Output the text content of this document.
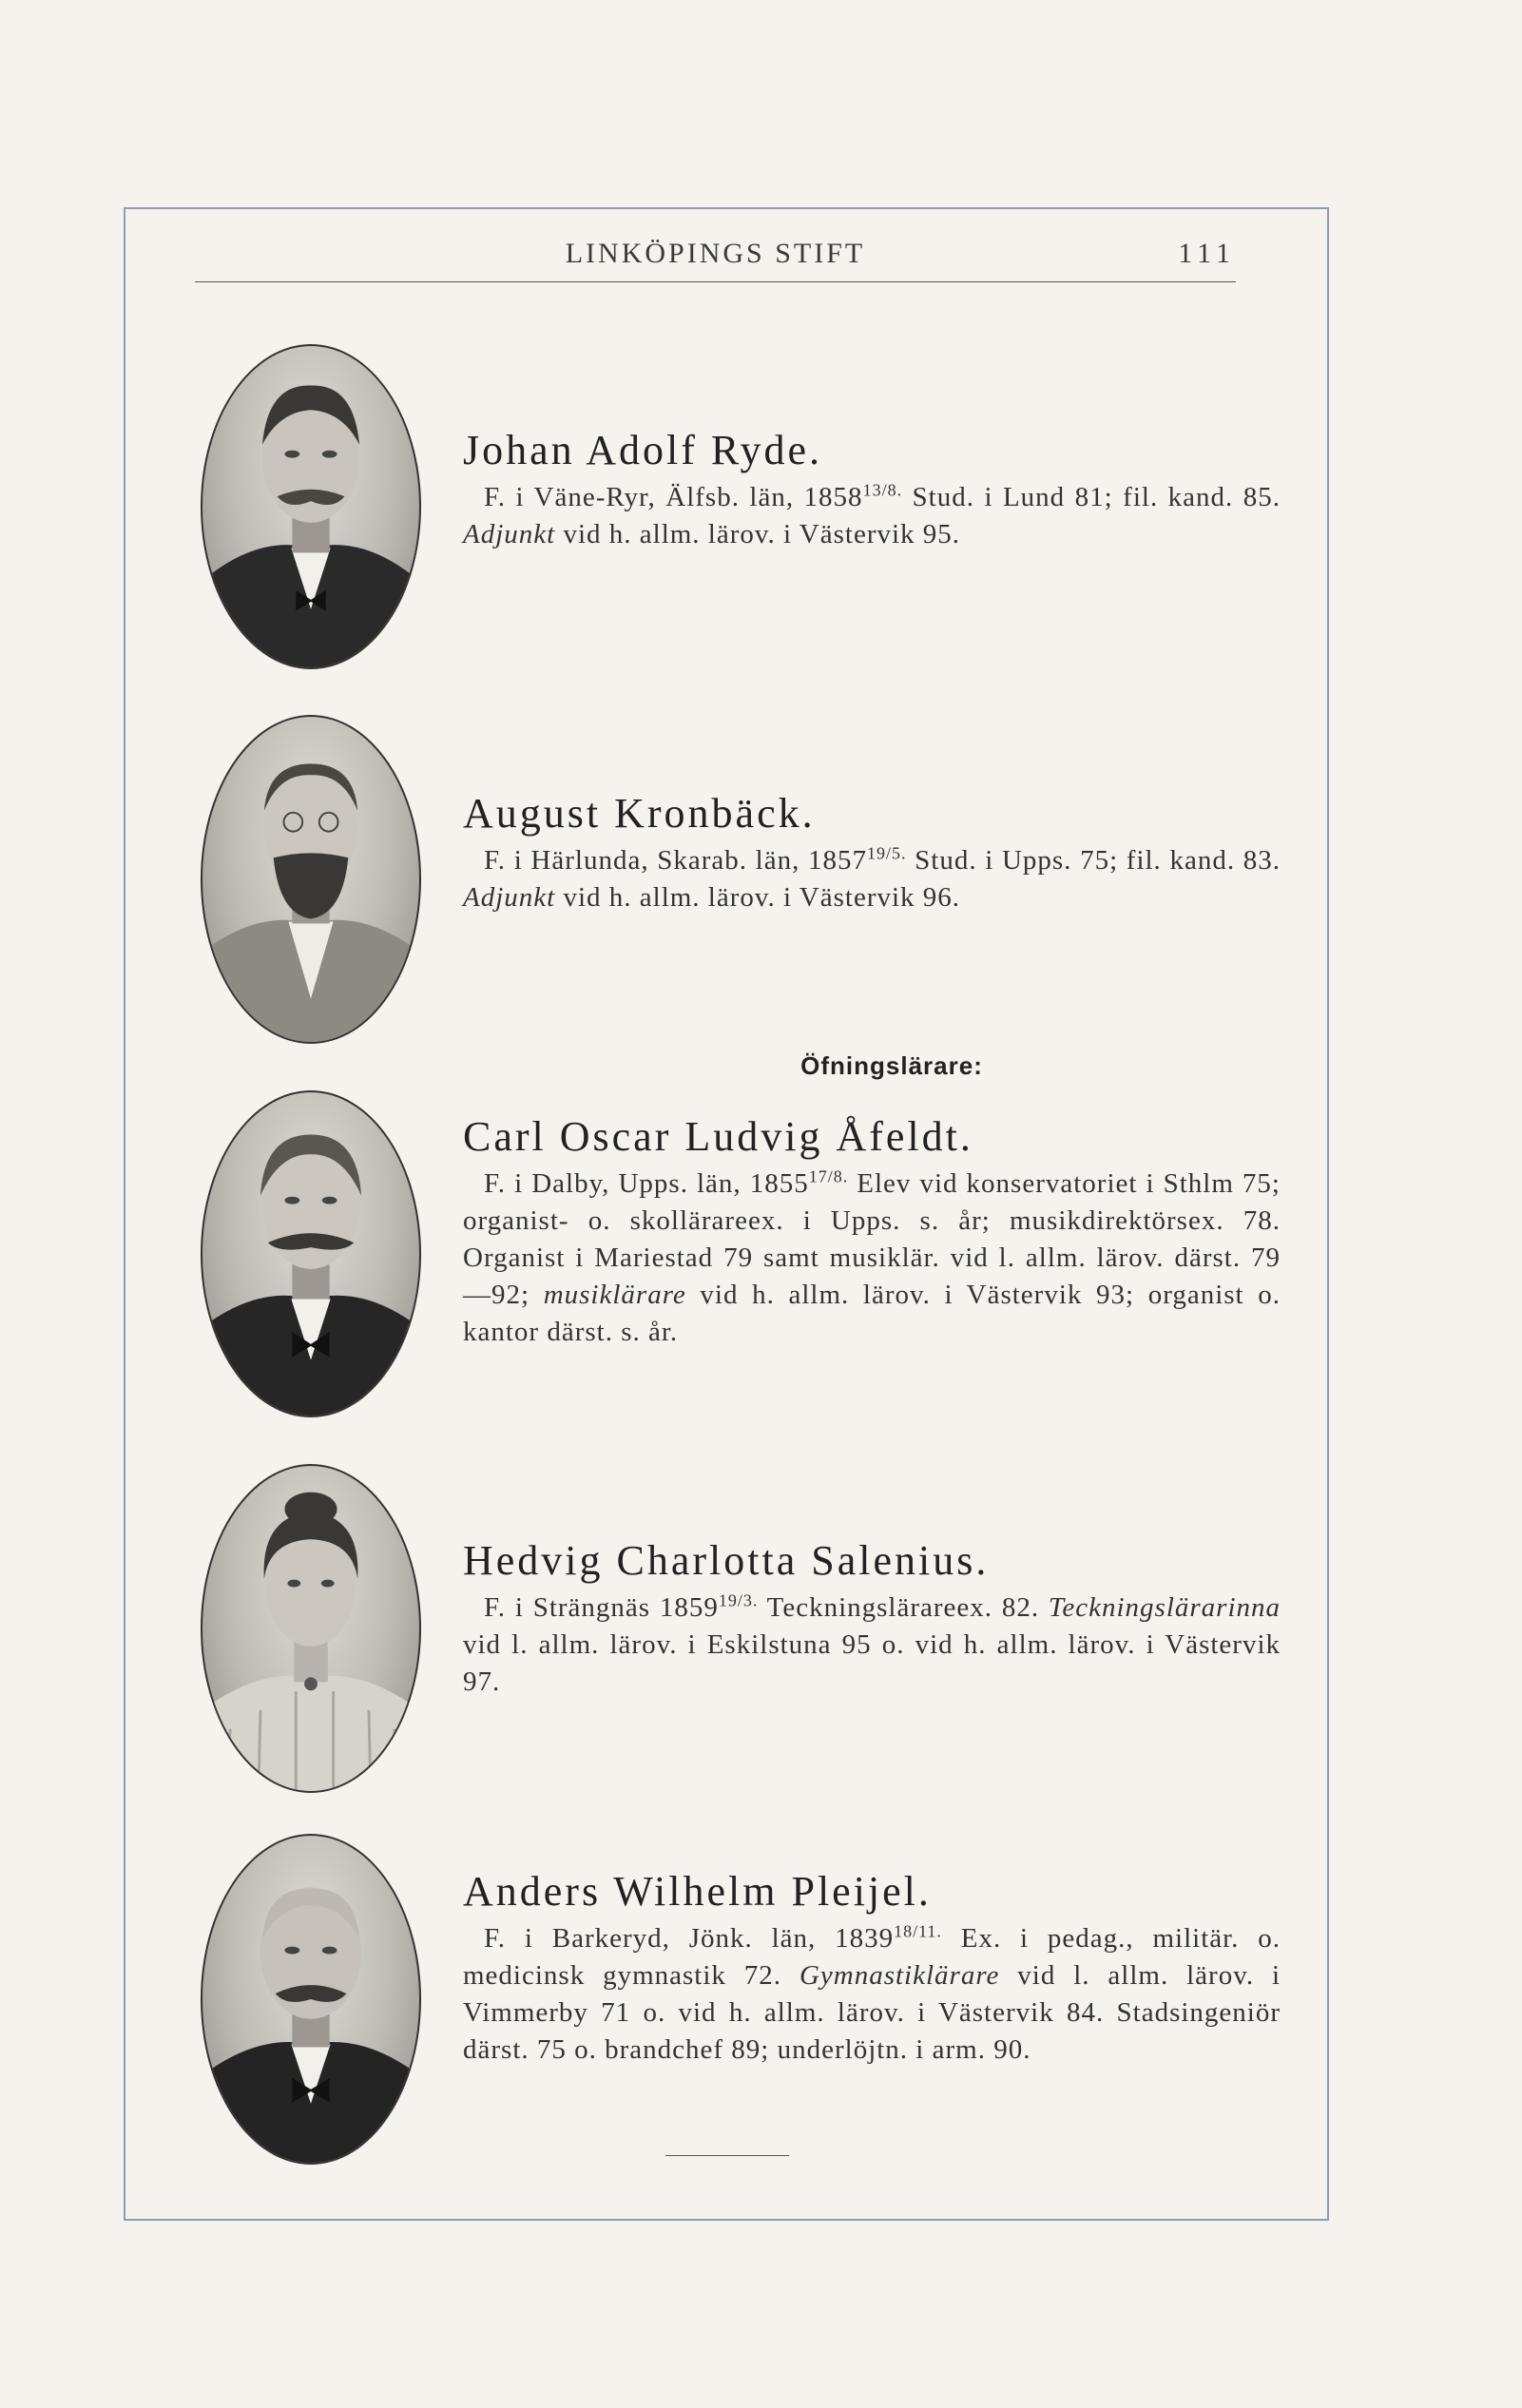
LINKÖPINGS STIFT	111
Johan Adolf Ryde.

F. i Väne-Ryr, Älfsb. län, $1858^{13/8.}$ Stud. i Lund 81; fil. kand. 85. Adjunkt vid h. allm. lärov. i Västervik 95.

August Kronbäck.

F. i Härlunda, Skarab. län, $1857^{19/5.}$ Stud. i Upps. 75; fil. kand. 83. Adjunkt vid h. allm. lärov. i Västervik 96.

Öfningslärare:
Carl Oscar Ludvig Åfeldt.

F. i Dalby, Upps. län, $1855^{17/8.}$ Elev vid konservatoriet i Sthlm 75; organist- o. skollärareex. i Upps. s. år; musikdirektörsex. 78. Organist i Mariestad 79 samt musiklär. vid l. allm. lärov. därst. 79—92; musiklärare vid h. allm. lärov. i Västervik 93; organist o. kantor därst. s. år.

Hedvig Charlotta Salenius.

F. i Strängnäs $1859^{19/3.}$ Teckningslärareex. 82. Teckningslärarinna vid l. allm. lärov. i Eskilstuna 95 o. vid h. allm. lärov. i Västervik 97.

Anders Wilhelm Pleijel.

F. i Barkeryd, Jönk. län, $1839^{18/11.}$ Ex. i pedag., militär. o. medicinsk gymnastik 72. Gymnastiklärare vid l. allm. lärov. i Vimmerby 71 o. vid h. allm. lärov. i Västervik 84. Stadsingeniör därst. 75 o. brandchef 89; underlöjtn. i arm. 90.
